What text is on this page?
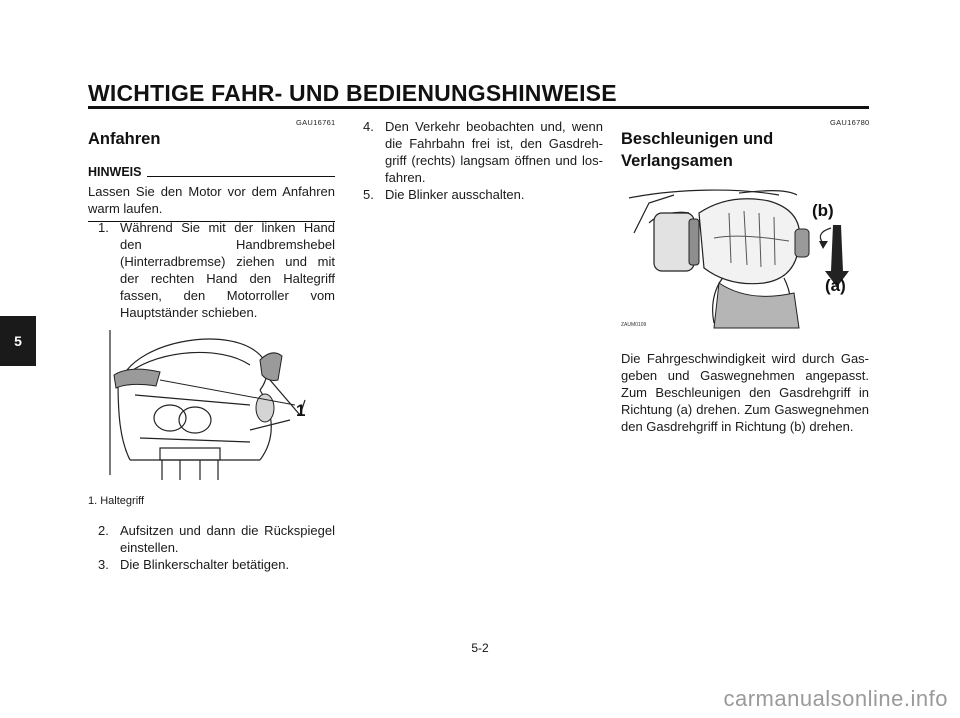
WICHTIGE FAHR- UND BEDIENUNGSHINWEISE
5
GAU16761
Anfahren
HINWEIS
Lassen Sie den Motor vor dem Anfahren warm laufen.
1. Während Sie mit der linken Hand den Handbremshebel (Hinterradbremse) ziehen und mit der rechten Hand den Haltegriff fassen, den Motorroller vom Hauptständer schieben.
1
1. Haltegriff
2. Aufsitzen und dann die Rückspiegel einstellen.
3. Die Blinkerschalter betätigen.
4. Den Verkehr beobachten und, wenn die Fahrbahn frei ist, den Gasdreh-griff (rechts) langsam öffnen und los-fahren.
5. Die Blinker ausschalten.
GAU16780
Beschleunigen und
Verlangsamen
(b)
(a)
ZAUM0109
Die Fahrgeschwindigkeit wird durch Gas-geben und Gaswegnehmen angepasst. Zum Beschleunigen den Gasdrehgriff in Richtung (a) drehen. Zum Gaswegnehmen den Gasdrehgriff in Richtung (b) drehen.
5-2
carmanualsonline.info
